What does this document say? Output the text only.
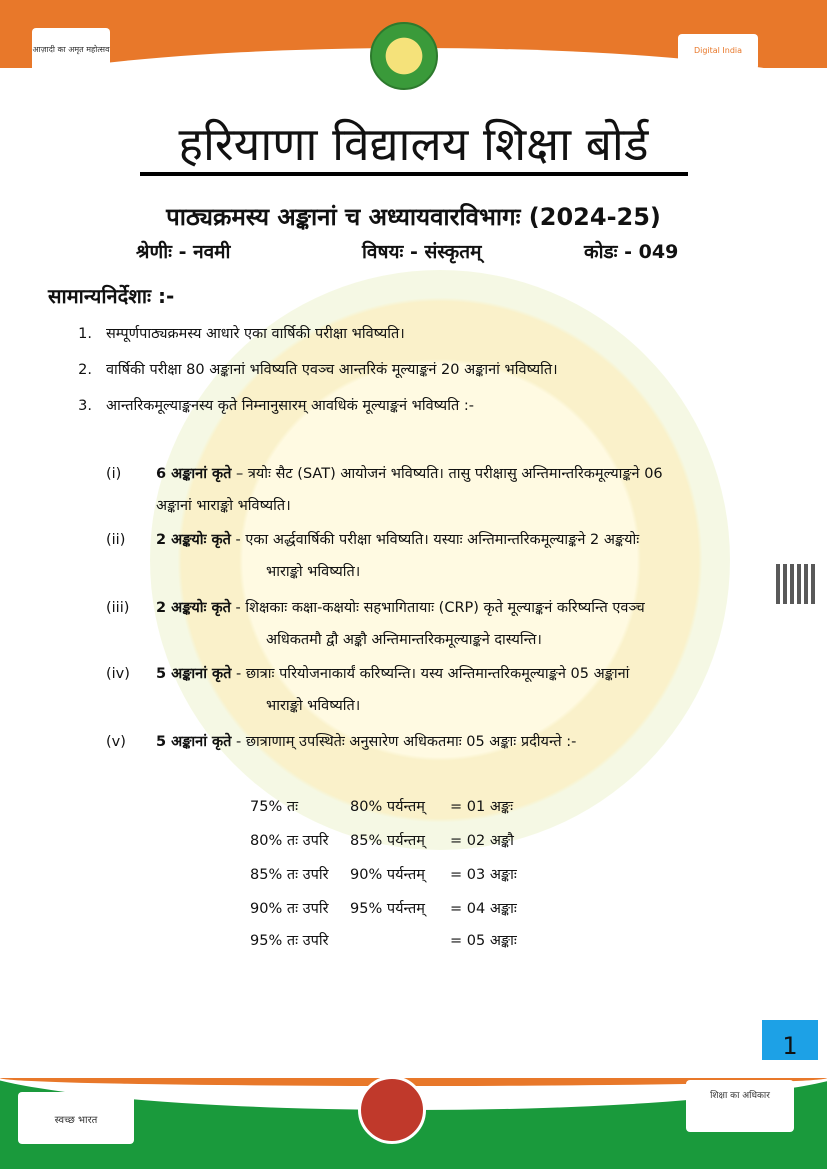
आज़ादी का अमृत महोत्सव	Digital India
हरियाणा विद्यालय शिक्षा बोर्ड
पाठ्यक्रमस्य अङ्कानां च अध्यायवारविभागः (2024-25)
श्रेणीः - नवमी	विषयः - संस्कृतम्	कोडः - 049
सामान्यनिर्देशाः :-
1. सम्पूर्णपाठ्यक्रमस्य आधारे एका वार्षिकी परीक्षा भविष्यति।
2. वार्षिकी परीक्षा 80 अङ्कानां भविष्यति एवञ्च आन्तरिकं मूल्याङ्कनं 20 अङ्कानां भविष्यति।
3. आन्तरिकमूल्याङ्कनस्य कृते निम्नानुसारम् आवधिकं मूल्याङ्कनं भविष्यति :-
(i) 6 अङ्कानां कृते – त्रयोः सैट (SAT) आयोजनं भविष्यति। तासु परीक्षासु अन्तिमान्तरिकमूल्याङ्कने 06
अङ्कानां भाराङ्को भविष्यति।
(ii) 2 अङ्कयोः कृते - एका अर्द्धवार्षिकी परीक्षा भविष्यति। यस्याः अन्तिमान्तरिकमूल्याङ्कने 2 अङ्कयोः
भाराङ्को भविष्यति।
(iii) 2 अङ्कयोः कृते - शिक्षकाः कक्षा-कक्षयोः सहभागितायाः (CRP) कृते मूल्याङ्कनं करिष्यन्ति एवञ्च
अधिकतमौ द्वौ अङ्कौ अन्तिमान्तरिकमूल्याङ्कने दास्यन्ति।
(iv) 5 अङ्कानां कृते - छात्राः परियोजनाकार्यं करिष्यन्ति। यस्य अन्तिमान्तरिकमूल्याङ्कने 05 अङ्कानां
भाराङ्को भविष्यति।
(v) 5 अङ्कानां कृते - छात्राणाम् उपस्थितेः अनुसारेण अधिकतमाः 05 अङ्काः प्रदीयन्ते :-
75% तः	80% पर्यन्तम् = 01 अङ्कः
80% तः उपरि 85% पर्यन्तम् = 02 अङ्कौ
85% तः उपरि 90% पर्यन्तम् = 03 अङ्काः
90% तः उपरि 95% पर्यन्तम् = 04 अङ्काः
95% तः उपरि	= 05 अङ्काः
1
स्वच्छ भारत
शिक्षा का अधिकार
